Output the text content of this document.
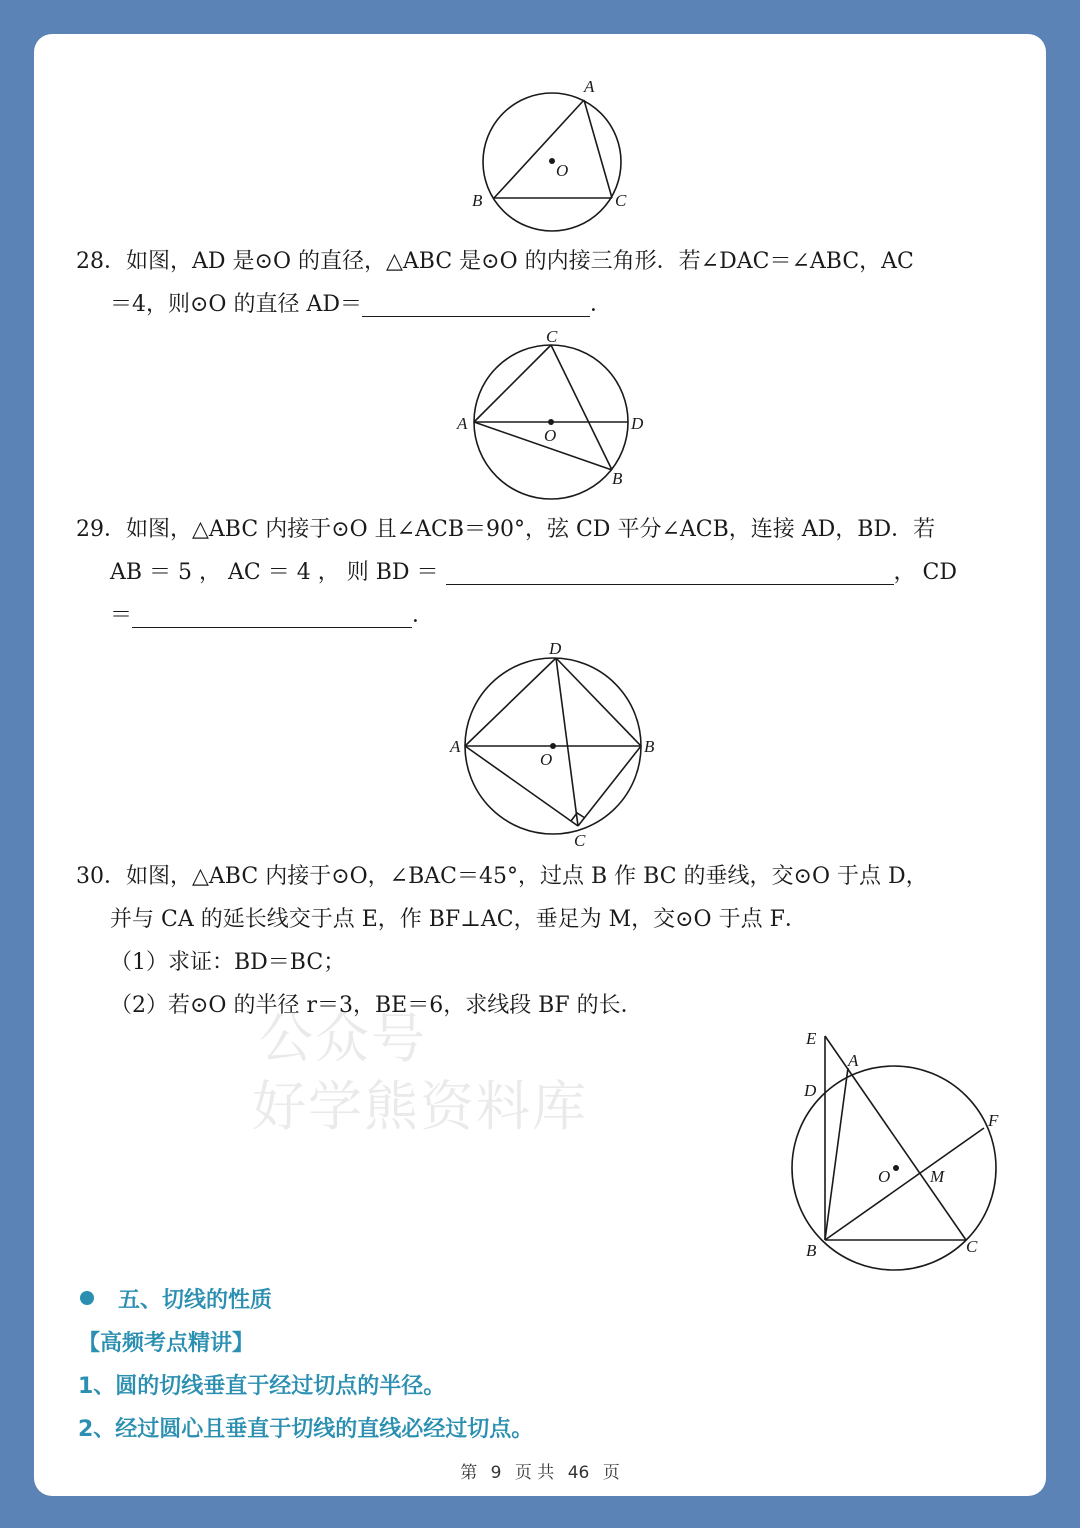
A
B	C
O
28．如图，AD 是⊙O 的直径，△ABC 是⊙O 的内接三角形．若∠DAC＝∠ABC，AC
＝4，则⊙O 的直径 AD＝	．
C
A	D
O
B
29．如图，△ABC 内接于⊙O 且∠ACB＝90°，弦 CD 平分∠ACB，连接 AD，BD．若
AB ＝ 5 ， AC ＝ 4 ， 则 BD ＝	， CD
＝	．
D
A	B
O
C
30．如图，△ABC 内接于⊙O，∠BAC＝45°，过点 B 作 BC 的垂线，交⊙O 于点 D，
并与 CA 的延长线交于点 E，作 BF⊥AC，垂足为 M，交⊙O 于点 F．
（1）求证：BD＝BC；
（2）若⊙O 的半径 r＝3，BE＝6，求线段 BF 的长．
公众号
好学熊资料库
E
A
D
F
O M
B	C
五、切线的性质
【高频考点精讲】
1、圆的切线垂直于经过切点的半径。
2、经过圆心且垂直于切线的直线必经过切点。
第 9 页 共 46 页
